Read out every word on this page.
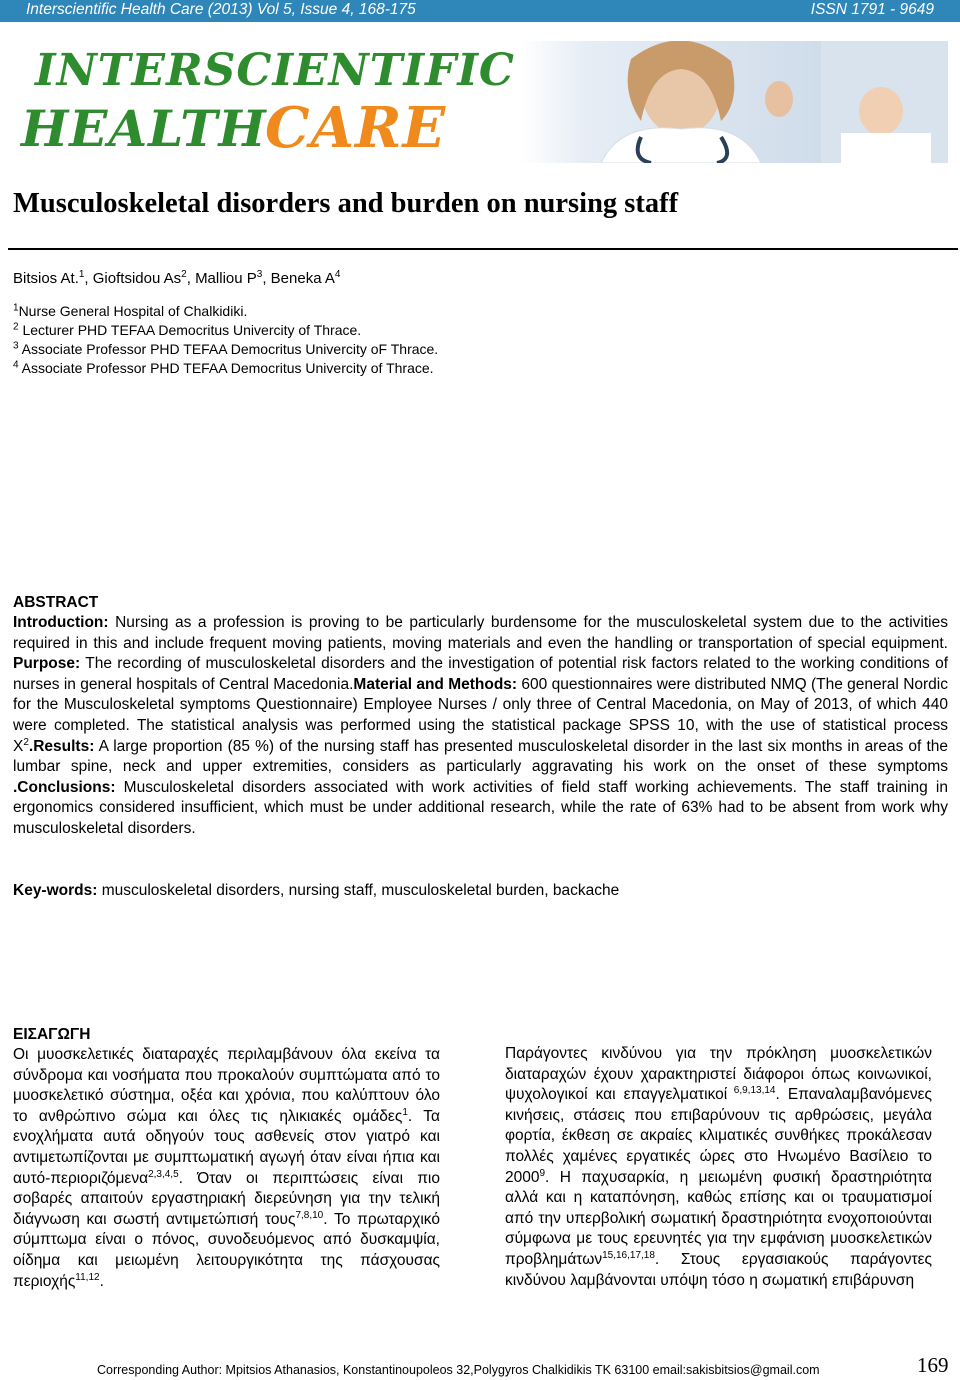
Interscientific Health Care (2013) Vol 5, Issue 4, 168-175	ISSN 1791 - 9649
INTERSCIENTIFIC
HEALTH
CARE
Musculoskeletal disorders and burden on nursing staff
Bitsios At.$^1$, Gioftsidou As$^2$, Malliou $P^3$, Beneka $A^4$
$^1$Nurse General Hospital of Chalkidiki.
$^2$ Lecturer PHD TEFAA Democritus Univercity of Thrace.
$^3$ Associate Professor PHD TEFAA Democritus Univercity oF Thrace.
$^4$ Associate Professor PHD TEFAA Democritus Univercity of Thrace.
ABSTRACT
Introduction: Nursing as a profession is proving to be particularly burdensome for the musculoskeletal system due to the activities required in this and include frequent moving patients, moving materials and even the handling or transportation of special equipment. Purpose: The recording of musculoskeletal disorders and the investigation of potential risk factors related to the working conditions of nurses in general hospitals of Central Macedonia.Material and Methods: 600 questionnaires were distributed NMQ (The general Nordic for the Musculoskeletal symptoms Questionnaire) Employee Nurses / only three of Central Macedonia, on May of 2013, of which 440 were completed. The statistical analysis was performed using the statistical package SPSS 10, with the use of statistical process $X^2.Results$: A large proportion (85 %) of the nursing staff has presented musculoskeletal disorder in the last six months in areas of the lumbar spine, neck and upper extremities, considers as particularly aggravating his work on the onset of these symptoms .Conclusions: Musculoskeletal disorders associated with work activities of field staff working achievements. The staff training in ergonomics considered insufficient, which must be under additional research, while the rate of 63% had to be absent from work why musculoskeletal disorders.
Key-words: musculoskeletal disorders, nursing staff, musculoskeletal burden, backache
ΕΙΣΑΓΩΓΗ
Οι μυοσκελετικές διαταραχές περιλαμβάνουν όλα εκείνα τα σύνδρομα και νοσήματα που προκαλούν συμπτώματα από το μυοσκελετικό σύστημα, οξέα και χρόνια, που καλύπτουν όλο το ανθρώπινο σώμα και όλες τις ηλικιακές ομάδες$^1$. Τα ενοχλήματα αυτά οδηγούν τους ασθενείς στον γιατρό και αντιμετωπίζονται με συμπτωματική αγωγή όταν είναι ήπια και αυτό-περιοριζόμενα$^{2,3,4,5}$. Όταν οι περιπτώσεις είναι πιο σοβαρές απαιτούν εργαστηριακή διερεύνηση για την τελική διάγνωση και σωστή αντιμετώπισή τους$^{7,8,10}$. Το πρωταρχικό σύμπτωμα είναι ο πόνος, συνοδευόμενος από δυσκαμψία, οίδημα και μειωμένη λειτουργικότητα της πάσχουσας περιοχής$^{11,12}$.
Παράγοντες κινδύνου για την πρόκληση μυοσκελετικών διαταραχών έχουν χαρακτηριστεί διάφοροι όπως κοινωνικοί, ψυχολογικοί και επαγγελματικοί $^{6,9,13,14}$. Επαναλαμβανόμενες κινήσεις, στάσεις που επιβαρύνουν τις αρθρώσεις, μεγάλα φορτία, έκθεση σε ακραίες κλιματικές συνθήκες προκάλεσαν πολλές χαμένες εργατικές ώρες στο Ηνωμένο Βασίλειο το 2000$^9$. Η παχυσαρκία, η μειωμένη φυσική δραστηριότητα αλλά και η καταπόνηση, καθώς επίσης και οι τραυματισμοί από την υπερβολική σωματική δραστηριότητα ενοχοποιούνται σύμφωνα με τους ερευνητές για την εμφάνιση μυοσκελετικών προβλημάτων$^{15,16,17,18}$. Στους εργασιακούς παράγοντες κινδύνου λαμβάνονται υπόψη τόσο η σωματική επιβάρυνση
Corresponding Author: Mpitsios Athanasios, Konstantinoupoleos 32,Polygyros Chalkidikis TK 63100 email:sakisbitsios@gmail.com	169
